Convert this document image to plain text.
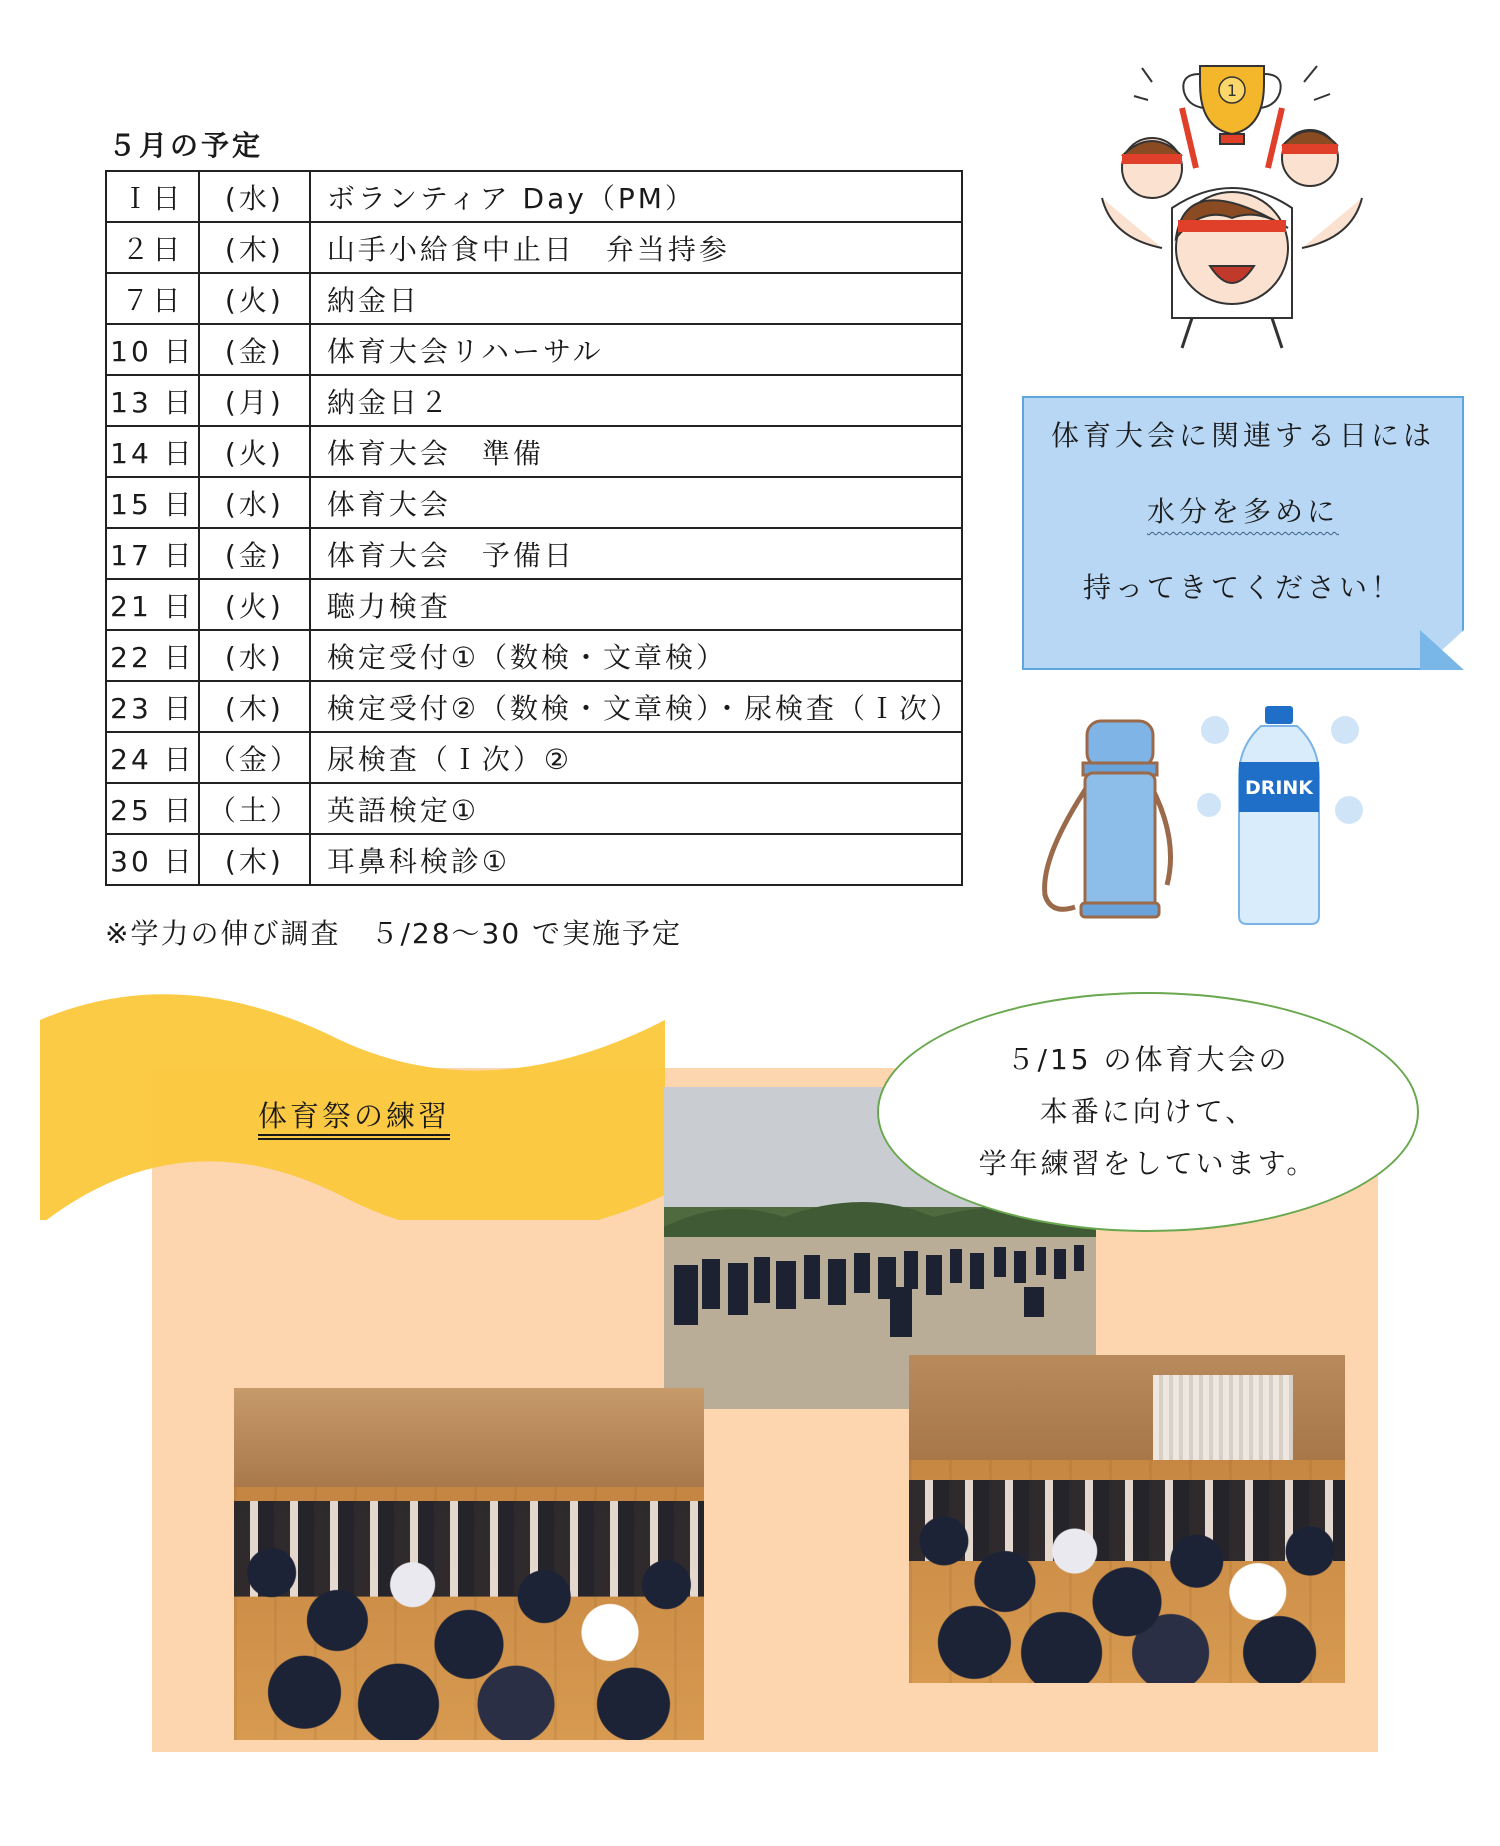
５月の予定
Ｉ日	(水)	ボランティア Day（PM）
２日	(木)	山手小給食中止日　弁当持参
７日	(火)	納金日
10 日	(金)	体育大会リハーサル
13 日	(月)	納金日２
14 日	(火)	体育大会　準備
15 日	(水)	体育大会
17 日	(金)	体育大会　予備日
21 日	(火)	聴力検査
22 日	(水)	検定受付①（数検・文章検）
23 日	(木)	検定受付②（数検・文章検）・尿検査（Ｉ次）
24 日	（金）	尿検査（Ｉ次）②
25 日	（土）	英語検定①
30 日	(木)	耳鼻科検診①
※学力の伸び調査　５/28～30 で実施予定
1
体育大会に関連する日には
水分を多めに
持ってきてください！
DRINK
体育祭の練習
５/15 の体育大会の
本番に向けて、
学年練習をしています。
